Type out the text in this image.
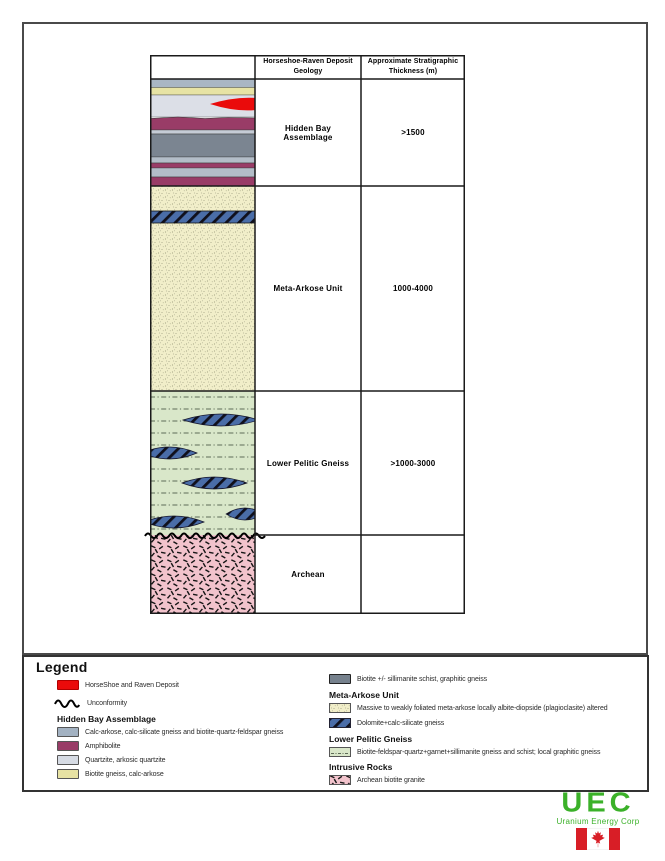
Horseshoe-Raven Deposit Geology
Approximate Stratigraphic Thickness (m)
Hidden Bay Assemblage
Meta-Arkose Unit
Lower Pelitic Gneiss
Archean
>1500
1000-4000
>1000-3000
Legend
HorseShoe and Raven Deposit
Unconformity
Hidden Bay Assemblage
Calc-arkose, calc-silicate gneiss and biotite-quartz-feldspar gneiss
Amphibolite
Quartzite, arkosic quartzite
Biotite gneiss, calc-arkose
Biotite +/- sillimanite schist, graphitic gneiss
Meta-Arkose Unit
Massive to weakly foliated meta-arkose locally albite-diopside (plagioclasite) altered
Dolomite+calc-silicate gneiss
Lower Pelitic Gneiss
Biotite-feldspar-quartz+garnet+sillimanite gneiss and schist; local graphitic gneiss
Intrusive Rocks
Archean biotite granite
UEC
Uranium Energy Corp
